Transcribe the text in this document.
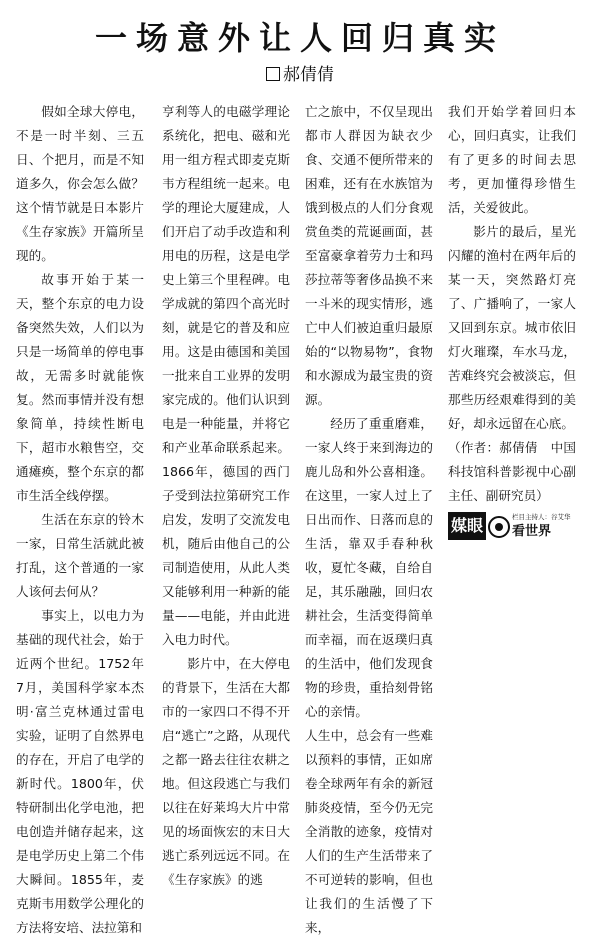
一场意外让人回归真实
郝倩倩

假如全球大停电，不是一时半刻、三五日、个把月，而是不知道多久，你会怎么做？这个情节就是日本影片《生存家族》开篇所呈现的。

故事开始于某一天，整个东京的电力设备突然失效，人们以为只是一场简单的停电事故，无需多时就能恢复。然而事情并没有想象简单，持续性断电下，超市水粮售空，交通瘫痪，整个东京的都市生活全线停摆。

生活在东京的铃木一家，日常生活就此被打乱，这个普通的一家人该何去何从？

事实上，以电力为基础的现代社会，始于近两个世纪。1752年7月，美国科学家本杰明·富兰克林通过雷电实验，证明了自然界电的存在，开启了电学的新时代。1800年，伏特研制出化学电池，把电创造并储存起来，这是电学历史上第二个伟大瞬间。1855年，麦克斯韦用数学公理化的方法将安培、法拉第和

亨利等人的电磁学理论系统化，把电、磁和光用一组方程式即麦克斯韦方程组统一起来。电学的理论大厦建成，人们开启了动手改造和利用电的历程，这是电学史上第三个里程碑。电学成就的第四个高光时刻，就是它的普及和应用。这是由德国和美国一批来自工业界的发明家完成的。他们认识到电是一种能量，并将它和产业革命联系起来。1866年，德国的西门子受到法拉第研究工作启发，发明了交流发电机，随后由他自己的公司制造使用，从此人类又能够利用一种新的能量——电能，并由此进入电力时代。

影片中，在大停电的背景下，生活在大都市的一家四口不得不开启“逃亡”之路，从现代之都一路去往往农耕之地。但这段逃亡与我们以往在好莱坞大片中常见的场面恢宏的末日大逃亡系列远远不同。在《生存家族》的逃

亡之旅中，不仅呈现出都市人群因为缺衣少食、交通不便所带来的困难，还有在水族馆为饿到极点的人们分食观赏鱼类的荒诞画面，甚至富豪拿着劳力士和玛莎拉蒂等奢侈品换不来一斗米的现实情形，逃亡中人们被迫重归最原始的“以物易物”，食物和水源成为最宝贵的资源。

经历了重重磨难，一家人终于来到海边的鹿儿岛和外公喜相逢。在这里，一家人过上了日出而作、日落而息的生活，靠双手春种秋收，夏忙冬藏，自给自足，其乐融融，回归农耕社会，生活变得简单而幸福，而在返璞归真的生活中，他们发现食物的珍贵，重拾刻骨铭心的亲情。

人生中，总会有一些难以预料的事情，正如席卷全球两年有余的新冠肺炎疫情，至今仍无完全消散的迹象，疫情对人们的生产生活带来了不可逆转的影响，但也让我们的生活慢了下来，

我们开始学着回归本心，回归真实，让我们有了更多的时间去思考，更加懂得珍惜生活，关爱彼此。

影片的最后，星光闪耀的渔村在两年后的某一天，突然路灯亮了、广播响了，一家人又回到东京。城市依旧灯火璀璨，车水马龙，苦难终究会被淡忘，但那些历经艰难得到的美好，却永远留在心底。

（作者：郝倩倩　中国科技馆科普影视中心副主任、副研究员）

媒眼	栏目主持人：谷艾华
看世界
